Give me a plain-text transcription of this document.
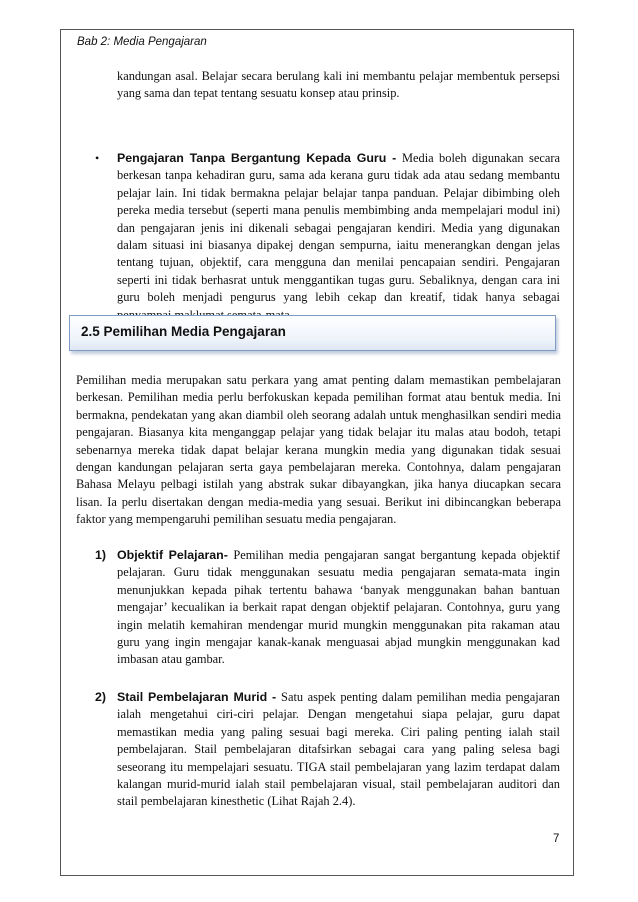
Bab 2: Media Pengajaran

kandungan asal. Belajar secara berulang kali ini membantu pelajar membentuk persepsi yang sama dan tepat tentang sesuatu konsep atau prinsip.

• Pengajaran Tanpa Bergantung Kepada Guru - Media boleh digunakan secara berkesan tanpa kehadiran guru, sama ada kerana guru tidak ada atau sedang membantu pelajar lain. Ini tidak bermakna pelajar belajar tanpa panduan. Pelajar dibimbing oleh pereka media tersebut (seperti mana penulis membimbing anda mempelajari modul ini) dan pengajaran jenis ini dikenali sebagai pengajaran kendiri. Media yang digunakan dalam situasi ini biasanya dipakej dengan sempurna, iaitu menerangkan dengan jelas tentang tujuan, objektif, cara mengguna dan menilai pencapaian sendiri. Pengajaran seperti ini tidak berhasrat untuk menggantikan tugas guru. Sebaliknya, dengan cara ini guru boleh menjadi pengurus yang lebih cekap dan kreatif, tidak hanya sebagai

2.5 Pemilihan Media Pengajaran

Pemilihan media merupakan satu perkara yang amat penting dalam memastikan pembelajaran berkesan. Pemilihan media perlu berfokuskan kepada pemilihan format atau bentuk media. Ini bermakna, pendekatan yang akan diambil oleh seorang adalah untuk menghasilkan sendiri media pengajaran. Biasanya kita menganggap pelajar yang tidak belajar itu malas atau bodoh, tetapi sebenarnya mereka tidak dapat belajar kerana mungkin media yang digunakan tidak sesuai dengan kandungan pelajaran serta gaya pembelajaran mereka. Contohnya, dalam pengajaran Bahasa Melayu pelbagi istilah yang abstrak sukar dibayangkan, jika hanya diucapkan secara lisan. Ia perlu disertakan dengan media-media yang sesuai. Berikut ini dibincangkan beberapa faktor yang mempengaruhi pemilihan sesuatu media pengajaran.

1) Objektif Pelajaran- Pemilihan media pengajaran sangat bergantung kepada objektif pelajaran. Guru tidak menggunakan sesuatu media pengajaran semata-mata ingin menunjukkan kepada pihak tertentu bahawa ‘banyak menggunakan bahan bantuan mengajar’ kecualikan ia berkait rapat dengan objektif pelajaran. Contohnya, guru yang ingin melatih kemahiran mendengar murid mungkin menggunakan pita rakaman atau guru yang ingin mengajar kanak-kanak menguasai abjad mungkin menggunakan kad imbasan atau gambar.

2) Stail Pembelajaran Murid - Satu aspek penting dalam pemilihan media pengajaran ialah mengetahui ciri-ciri pelajar. Dengan mengetahui siapa pelajar, guru dapat memastikan media yang paling sesuai bagi mereka. Ciri paling penting ialah stail pembelajaran. Stail pembelajaran ditafsirkan sebagai cara yang paling selesa bagi seseorang itu mempelajari sesuatu. TIGA stail pembelajaran yang lazim terdapat dalam kalangan murid-murid ialah stail pembelajaran visual, stail pembelajaran auditori dan stail pembelajaran kinesthetic (Lihat Rajah 2.4).

7
